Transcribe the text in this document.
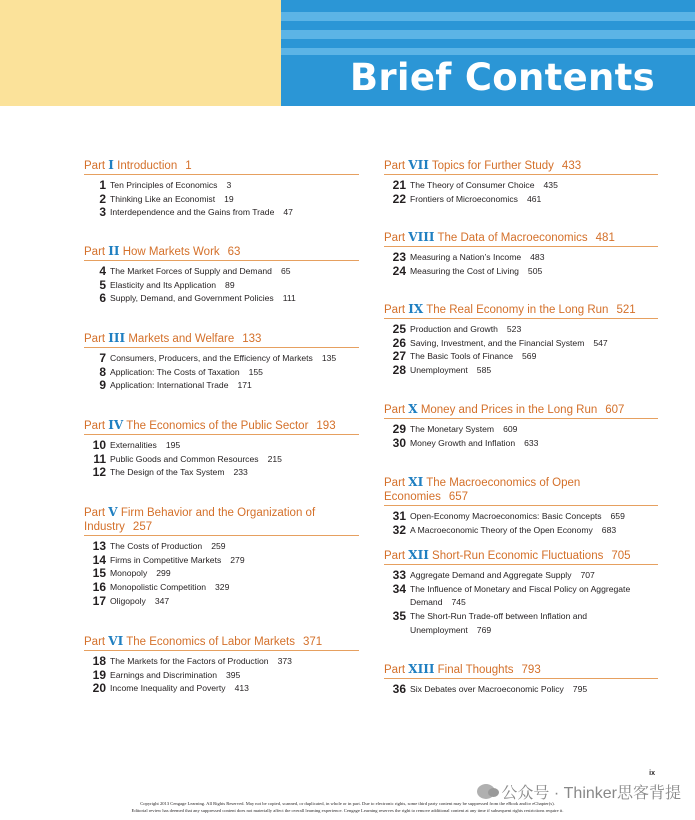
Brief Contents
Part I Introduction 1
1 Ten Principles of Economics 3
2 Thinking Like an Economist 19
3 Interdependence and the Gains from Trade 47
Part II How Markets Work 63
4 The Market Forces of Supply and Demand 65
5 Elasticity and Its Application 89
6 Supply, Demand, and Government Policies 111
Part III Markets and Welfare 133
7 Consumers, Producers, and the Efficiency of Markets 135
8 Application: The Costs of Taxation 155
9 Application: International Trade 171
Part IV The Economics of the Public Sector 193
10 Externalities 195
11 Public Goods and Common Resources 215
12 The Design of the Tax System 233
Part V Firm Behavior and the Organization of Industry 257
13 The Costs of Production 259
14 Firms in Competitive Markets 279
15 Monopoly 299
16 Monopolistic Competition 329
17 Oligopoly 347
Part VI The Economics of Labor Markets 371
18 The Markets for the Factors of Production 373
19 Earnings and Discrimination 395
20 Income Inequality and Poverty 413
Part VII Topics for Further Study 433
21 The Theory of Consumer Choice 435
22 Frontiers of Microeconomics 461
Part VIII The Data of Macroeconomics 481
23 Measuring a Nation’s Income 483
24 Measuring the Cost of Living 505
Part IX The Real Economy in the Long Run 521
25 Production and Growth 523
26 Saving, Investment, and the Financial System 547
27 The Basic Tools of Finance 569
28 Unemployment 585
Part X Money and Prices in the Long Run 607
29 The Monetary System 609
30 Money Growth and Inflation 633
Part XI The Macroeconomics of Open Economies 657
31 Open-Economy Macroeconomics: Basic Concepts 659
32 A Macroeconomic Theory of the Open Economy 683
Part XII Short-Run Economic Fluctuations 705
33 Aggregate Demand and Aggregate Supply 707
34 The Influence of Monetary and Fiscal Policy on Aggregate Demand 745
35 The Short-Run Trade-off between Inflation and Unemployment 769
Part XIII Final Thoughts 793
36 Six Debates over Macroeconomic Policy 795
ix
Copyright 2013 Cengage Learning. All Rights Reserved. May not be copied, scanned, or duplicated, in whole or in part. Due to electronic rights, some third party content may be suppressed from the eBook and/or eChapter(s).
Editorial review has deemed that any suppressed content does not materially affect the overall learning experience. Cengage Learning reserves the right to remove additional content at any time if subsequent rights restrictions require it.
公众号 · Thinker思客背提
